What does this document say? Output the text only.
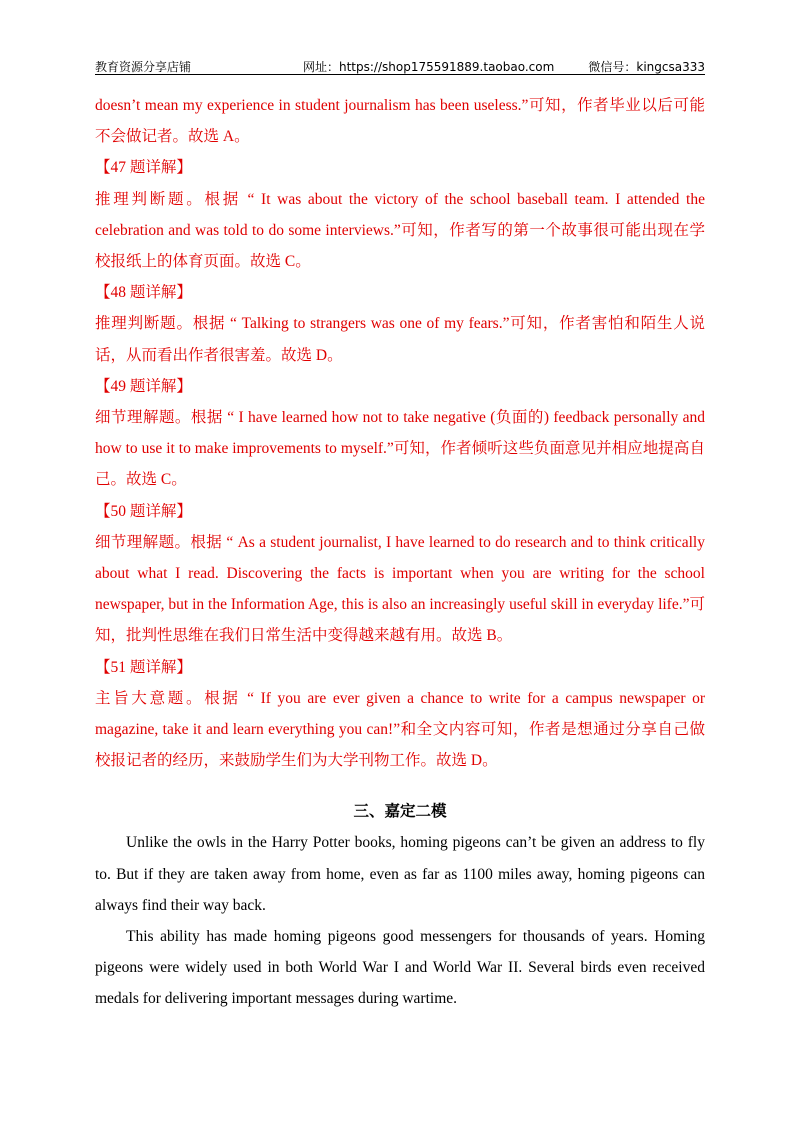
教育资源分享店铺	网址：https://shop175591889.taobao.com	微信号：kingcsa333

doesn’t mean my experience in student journalism has been useless.”可知，作者毕业以后可能不会做记者。故选 A。

【47 题详解】

推理判断题。根据 “ It was about the victory of the school baseball team. I attended the celebration and was told to do some interviews.”可知，作者写的第一个故事很可能出现在学校报纸上的体育页面。故选 C。

【48 题详解】

推理判断题。根据 “ Talking to strangers was one of my fears.”可知，作者害怕和陌生人说话，从而看出作者很害羞。故选 D。

【49 题详解】

细节理解题。根据 “ I have learned how not to take negative (负面的) feedback personally and how to use it to make improvements to myself.”可知，作者倾听这些负面意见并相应地提高自己。故选 C。

【50 题详解】

细节理解题。根据 “ As a student journalist, I have learned to do research and to think critically about what I read. Discovering the facts is important when you are writing for the school newspaper, but in the Information Age, this is also an increasingly useful skill in everyday life.”可知，批判性思维在我们日常生活中变得越来越有用。故选 B。

【51 题详解】

主旨大意题。根据 “ If you are ever given a chance to write for a campus newspaper or magazine, take it and learn everything you can!”和全文内容可知，作者是想通过分享自己做校报记者的经历，来鼓励学生们为大学刊物工作。故选 D。

三、嘉定二模

Unlike the owls in the Harry Potter books, homing pigeons can’t be given an address to fly to. But if they are taken away from home, even as far as 1100 miles away, homing pigeons can always find their way back.

This ability has made homing pigeons good messengers for thousands of years. Homing pigeons were widely used in both World War I and World War II. Several birds even received medals for delivering important messages during wartime.
